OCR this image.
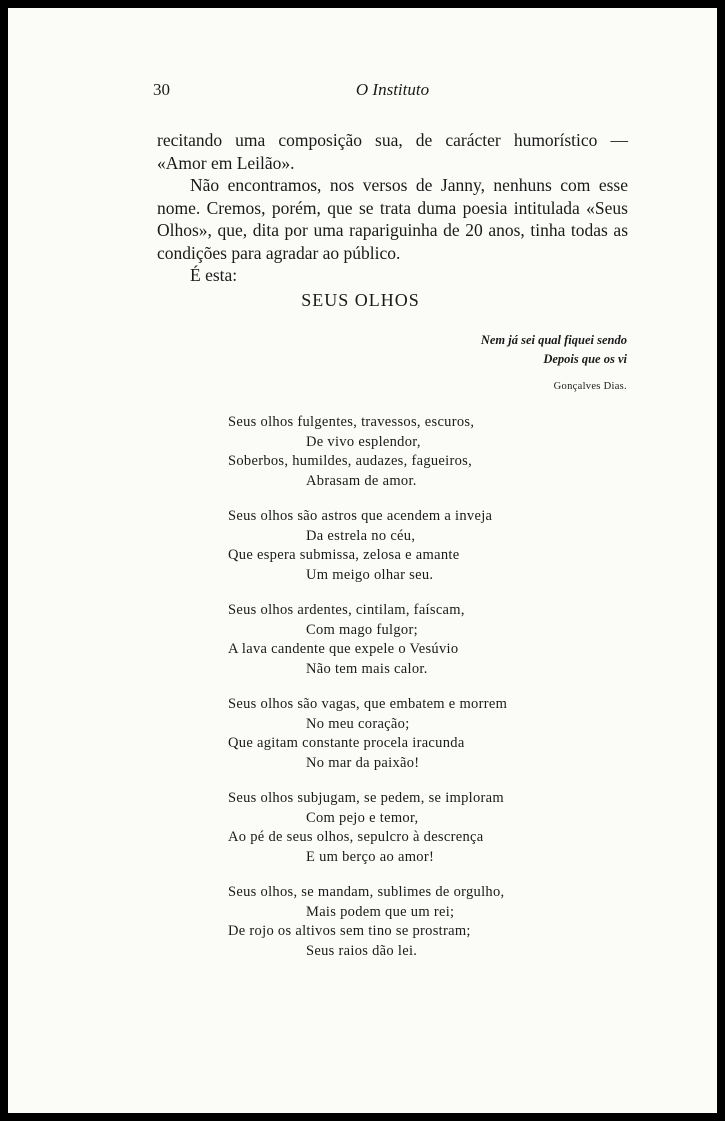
30	O Instituto

recitando uma composição sua, de carácter humorístico —

«Amor em Leilão».

Não encontramos, nos versos de Janny, nenhuns com esse nome. Cremos, porém, que se trata duma poesia intitulada «Seus Olhos», que, dita por uma rapariguinha de 20 anos, tinha todas as condições para agradar ao público.

É esta:

SEUS OLHOS
Nem já sei qual fiquei sendo
Depois que os vi
Gonçalves Dias.
Seus olhos fulgentes, travessos, escuros,
De vivo esplendor,
Soberbos, humildes, audazes, fagueiros,
Abrasam de amor.
Seus olhos são astros que acendem a inveja
Da estrela no céu,
Que espera submissa, zelosa e amante
Um meigo olhar seu.
Seus olhos ardentes, cintilam, faíscam,
Com mago fulgor;
A lava candente que expele o Vesúvio
Não tem mais calor.
Seus olhos são vagas, que embatem e morrem
No meu coração;
Que agitam constante procela iracunda
No mar da paixão!
Seus olhos subjugam, se pedem, se imploram
Com pejo e temor,
Ao pé de seus olhos, sepulcro à descrença
E um berço ao amor!
Seus olhos, se mandam, sublimes de orgulho,
Mais podem que um rei;
De rojo os altivos sem tino se prostram;
Seus raios dão lei.
